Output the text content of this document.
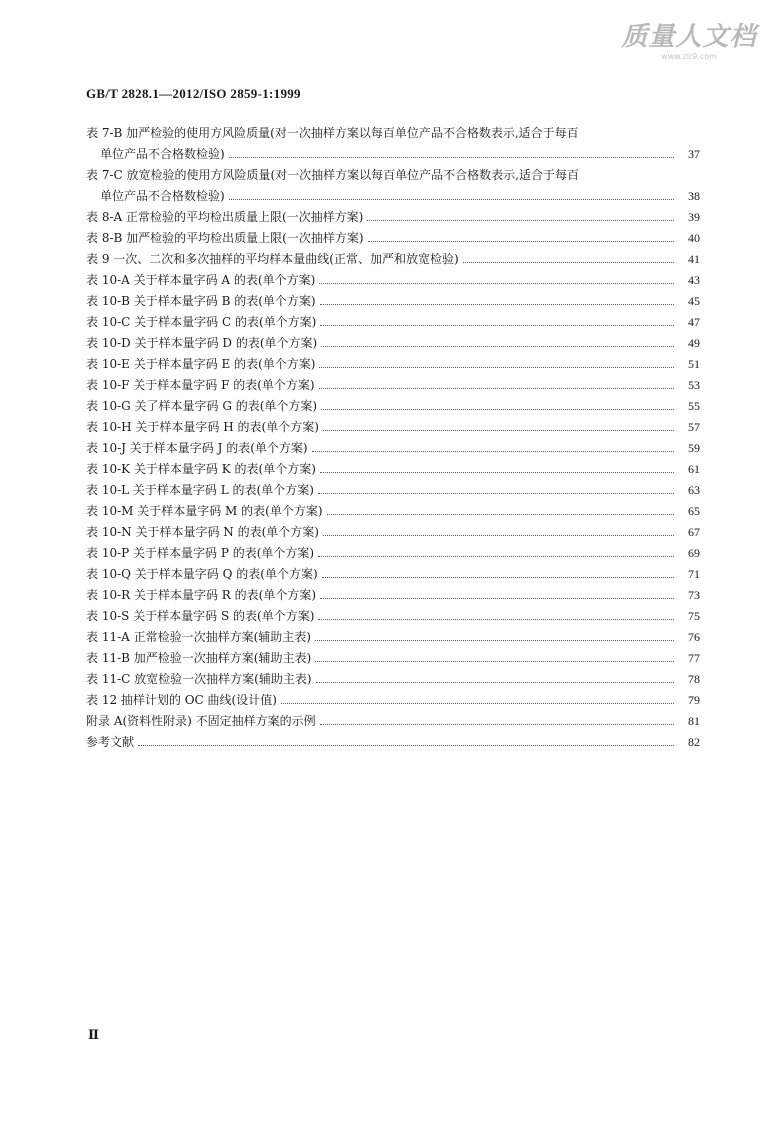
质量人文档
www.zlr9.com
GB/T 2828.1—2012/ISO 2859-1:1999
表 7-B 加严检验的使用方风险质量(对一次抽样方案以每百单位产品不合格数表示,适合于每百
单位产品不合格数检验)	37
表 7-C 放宽检验的使用方风险质量(对一次抽样方案以每百单位产品不合格数表示,适合于每百
单位产品不合格数检验)	38
表 8-A 正常检验的平均检出质量上限(一次抽样方案)	39
表 8-B 加严检验的平均检出质量上限(一次抽样方案)	40
表 9 一次、二次和多次抽样的平均样本量曲线(正常、加严和放宽检验)	41
表 10-A 关于样本量字码 A 的表(单个方案)	43
表 10-B 关于样本量字码 B 的表(单个方案)	45
表 10-C 关于样本量字码 C 的表(单个方案)	47
表 10-D 关于样本量字码 D 的表(单个方案)	49
表 10-E 关于样本量字码 E 的表(单个方案)	51
表 10-F 关于样本量字码 F 的表(单个方案)	53
表 10-G 关了样本量字码 G 的表(单个方案)	55
表 10-H 关于样本量字码 H 的表(单个方案)	57
表 10-J 关于样本量字码 J 的表(单个方案)	59
表 10-K 关于样本量字码 K 的表(单个方案)	61
表 10-L 关于样本量字码 L 的表(单个方案)	63
表 10-M 关于样本量字码 M 的表(单个方案)	65
表 10-N 关于样本量字码 N 的表(单个方案)	67
表 10-P 关于样本量字码 P 的表(单个方案)	69
表 10-Q 关于样本量字码 Q 的表(单个方案)	71
表 10-R 关于样本量字码 R 的表(单个方案)	73
表 10-S 关于样本量字码 S 的表(单个方案)	75
表 11-A 正常检验一次抽样方案(辅助主表)	76
表 11-B 加严检验一次抽样方案(辅助主表)	77
表 11-C 放宽检验一次抽样方案(辅助主表)	78
表 12 抽样计划的 OC 曲线(设计值)	79
附录 A(资料性附录) 不固定抽样方案的示例	81
参考文献	82
Ⅱ
